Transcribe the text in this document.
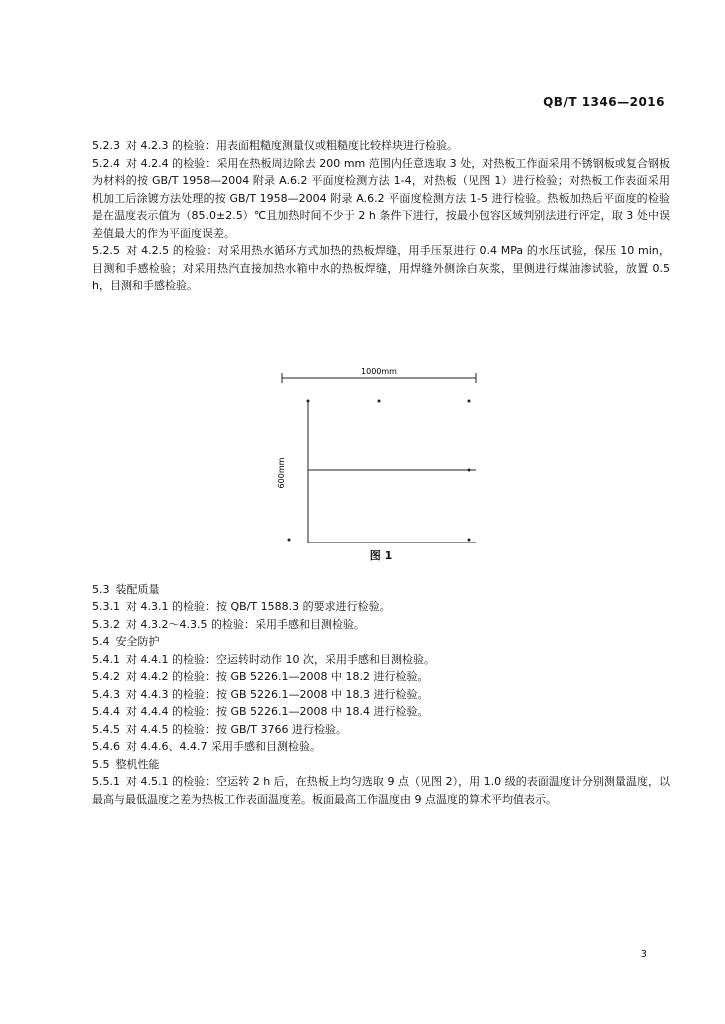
QB/T 1346—2016
5.2.3 对 4.2.3 的检验：用表面粗糙度测量仪或粗糙度比较样块进行检验。
5.2.4 对 4.2.4 的检验：采用在热板周边除去 200 mm 范围内任意选取 3 处，对热板工作面采用不锈钢板或复合钢板为材料的按 GB/T 1958—2004 附录 A.6.2 平面度检测方法 1-4，对热板（见图 1）进行检验；对热板工作表面采用机加工后涂镀方法处理的按 GB/T 1958—2004 附录 A.6.2 平面度检测方法 1-5 进行检验。热板加热后平面度的检验是在温度表示值为（85.0±2.5）℃且加热时间不少于 2 h 条件下进行，按最小包容区域判别法进行评定，取 3 处中误差值最大的作为平面度误差。
5.2.5 对 4.2.5 的检验：对采用热水循环方式加热的热板焊缝，用手压泵进行 0.4 MPa 的水压试验，保压 10 min，目测和手感检验；对采用热汽直接加热水箱中水的热板焊缝，用焊缝外侧涂白灰浆，里侧进行煤油渗试验，放置 0.5 h，目测和手感检验。
1000mm
600mm
图 1
5.3 装配质量
5.3.1 对 4.3.1 的检验：按 QB/T 1588.3 的要求进行检验。
5.3.2 对 4.3.2～4.3.5 的检验：采用手感和目测检验。
5.4 安全防护
5.4.1 对 4.4.1 的检验：空运转时动作 10 次，采用手感和目测检验。
5.4.2 对 4.4.2 的检验：按 GB 5226.1—2008 中 18.2 进行检验。
5.4.3 对 4.4.3 的检验：按 GB 5226.1—2008 中 18.3 进行检验。
5.4.4 对 4.4.4 的检验：按 GB 5226.1—2008 中 18.4 进行检验。
5.4.5 对 4.4.5 的检验：按 GB/T 3766 进行检验。
5.4.6 对 4.4.6、4.4.7 采用手感和目测检验。
5.5 整机性能
5.5.1 对 4.5.1 的检验：空运转 2 h 后，在热板上均匀选取 9 点（见图 2），用 1.0 级的表面温度计分别测量温度，以最高与最低温度之差为热板工作表面温度差。板面最高工作温度由 9 点温度的算术平均值表示。
3
